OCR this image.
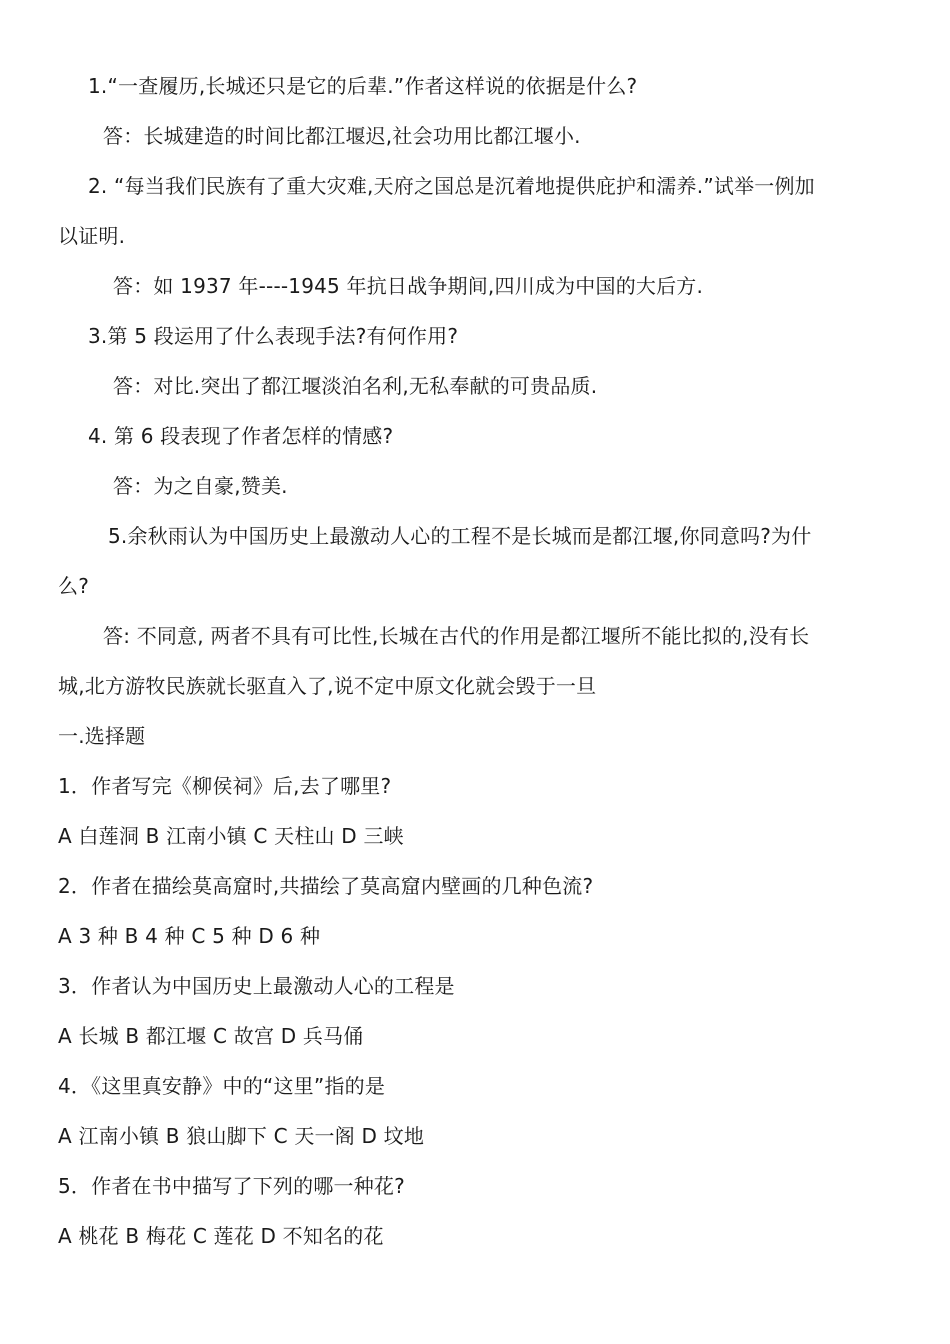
1.“一查履历,长城还只是它的后辈.”作者这样说的依据是什么?
答：长城建造的时间比都江堰迟,社会功用比都江堰小.
2. “每当我们民族有了重大灾难,天府之国总是沉着地提供庇护和濡养.”试举一例加
以证明.
答：如 1937 年----1945 年抗日战争期间,四川成为中国的大后方.
3.第 5 段运用了什么表现手法?有何作用?
答：对比.突出了都江堰淡泊名利,无私奉献的可贵品质.
4. 第 6 段表现了作者怎样的情感?
答：为之自豪,赞美.
5.余秋雨认为中国历史上最激动人心的工程不是长城而是都江堰,你同意吗?为什
么?
答: 不同意, 两者不具有可比性,长城在古代的作用是都江堰所不能比拟的,没有长
城,北方游牧民族就长驱直入了,说不定中原文化就会毁于一旦
一.选择题
1．作者写完《柳侯祠》后,去了哪里?
A 白莲洞 B 江南小镇 C 天柱山 D 三峡
2．作者在描绘莫高窟时,共描绘了莫高窟内壁画的几种色流?
A 3 种 B 4 种 C 5 种 D 6 种
3．作者认为中国历史上最激动人心的工程是
A 长城 B 都江堰 C 故宫 D 兵马俑
4．《这里真安静》中的“这里”指的是
A 江南小镇 B 狼山脚下 C 天一阁 D 坟地
5．作者在书中描写了下列的哪一种花?
A 桃花 B 梅花 C 莲花 D 不知名的花
